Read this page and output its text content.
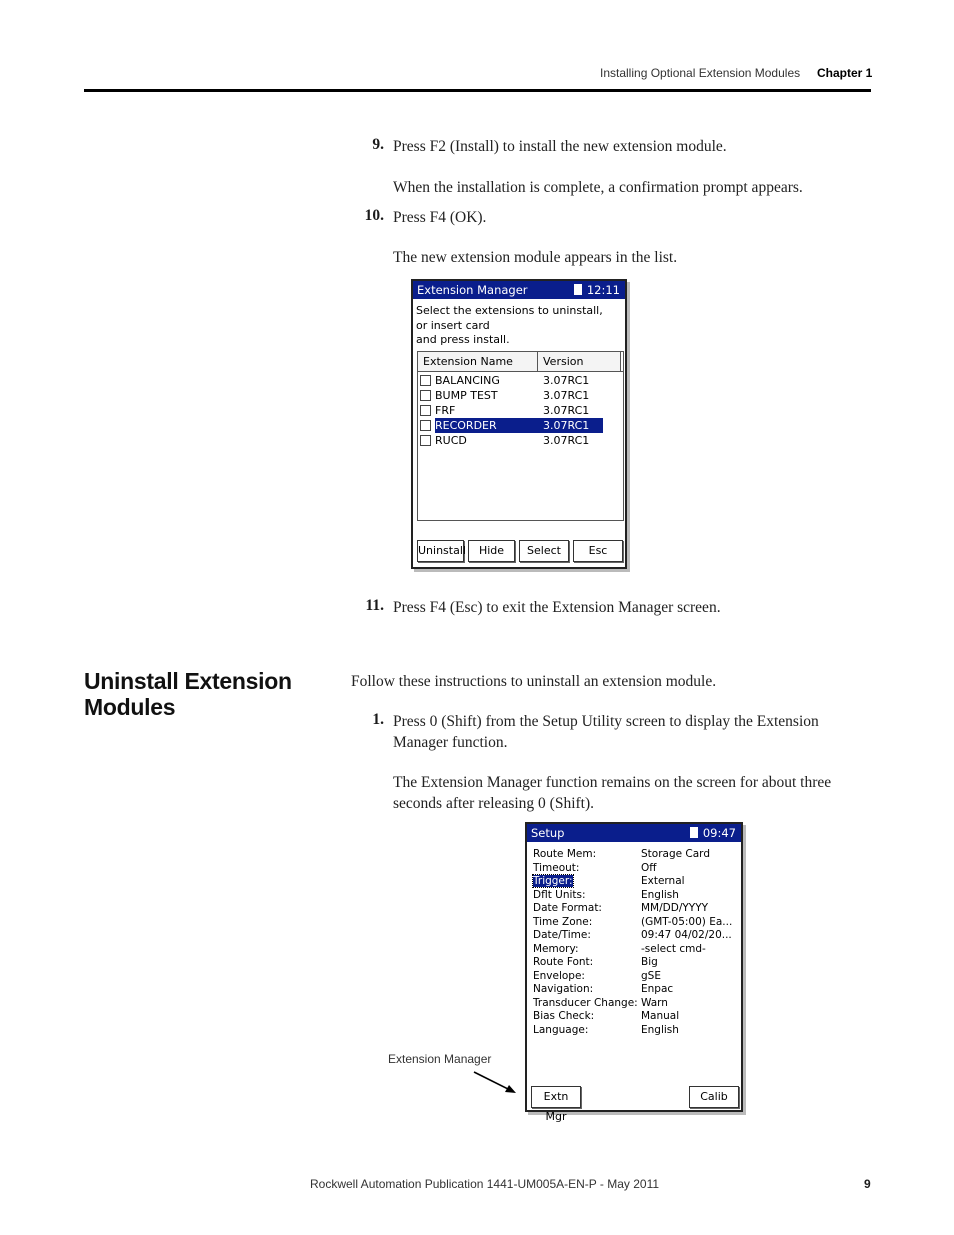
Installing Optional Extension Modules Chapter 1
9. Press F2 (Install) to install the new extension module.
When the installation is complete, a confirmation prompt appears.
10. Press F4 (OK).
The new extension module appears in the list.
Extension Manager	12:11
Select the extensions to uninstall,
or insert card
and press install.
Extension Name	Version
BALANCING	3.07RC1
BUMP TEST	3.07RC1
FRF	3.07RC1
RECORDER	3.07RC1
RUCD	3.07RC1
Uninstall	Hide	Select	Esc
11. Press F4 (Esc) to exit the Extension Manager screen.
Uninstall Extension Modules
Follow these instructions to uninstall an extension module.
1. Press 0 (Shift) from the Setup Utility screen to display the Extension Manager function.
The Extension Manager function remains on the screen for about three seconds after releasing 0 (Shift).
Setup	09:47
Route Mem:	Storage Card
Timeout:	Off
Trigger:	External
Dflt Units:	English
Date Format:	MM/DD/YYYY
Time Zone:	(GMT-05:00) Ea...
Date/Time:	09:47 04/02/20...
Memory:	-select cmd-
Route Font:	Big
Envelope:	gSE
Navigation:	Enpac
Transducer Change: Warn
Bias Check:	Manual
Language:	English
Extn Mgr
Calib
Extension Manager
Rockwell Automation Publication 1441-UM005A-EN-P - May 2011	9
